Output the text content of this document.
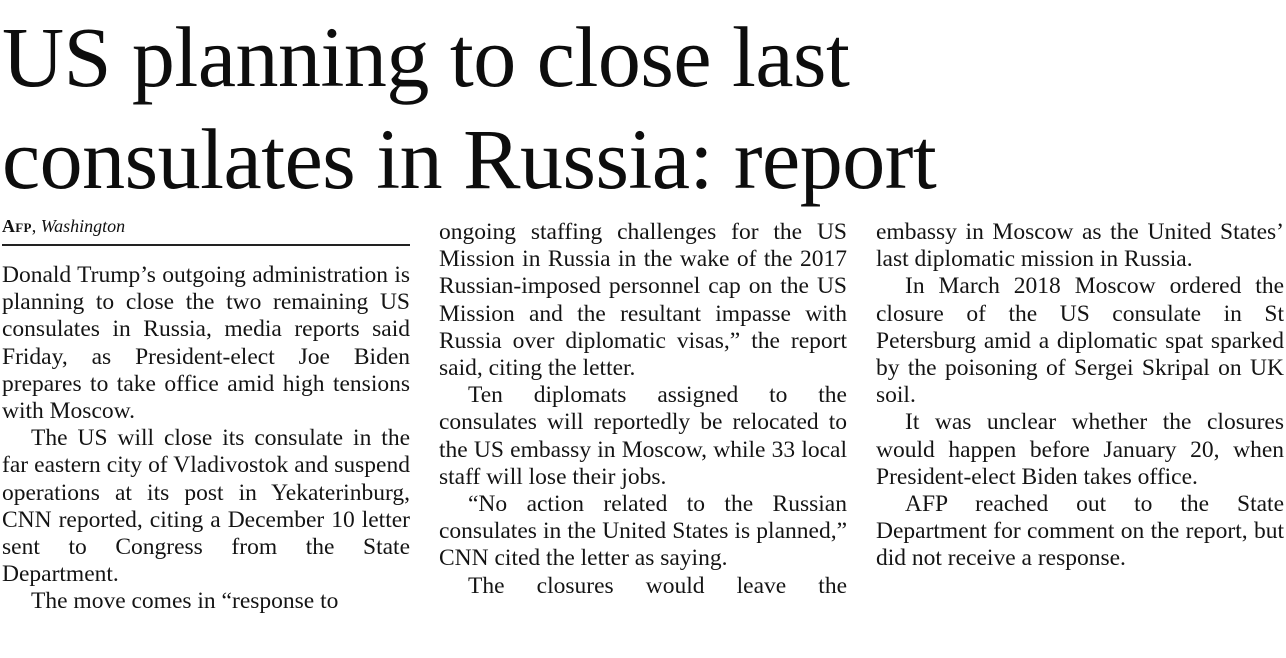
US planning to close last
consulates in Russia: report
Afp, Washington

Donald Trump’s outgoing administration is planning to close the two remaining US consulates in Russia, media reports said Friday, as President-elect Joe Biden prepares to take office amid high tensions with Moscow.

The US will close its consulate in the far eastern city of Vladivostok and suspend operations at its post in Yekaterinburg, CNN reported, citing a December 10 letter sent to Congress from the State Department.

The move comes in “response to

ongoing staffing challenges for the US Mission in Russia in the wake of the 2017 Russian-imposed personnel cap on the US Mission and the resultant impasse with Russia over diplomatic visas,” the report said, citing the letter.

Ten diplomats assigned to the consulates will reportedly be relocated to the US embassy in Moscow, while 33 local staff will lose their jobs.

“No action related to the Russian consulates in the United States is planned,” CNN cited the letter as saying.

The closures would leave the

embassy in Moscow as the United States’ last diplomatic mission in Russia.

In March 2018 Moscow ordered the closure of the US consulate in St Petersburg amid a diplomatic spat sparked by the poisoning of Sergei Skripal on UK soil.

It was unclear whether the closures would happen before January 20, when President-elect Biden takes office.

AFP reached out to the State Department for comment on the report, but did not receive a response.
